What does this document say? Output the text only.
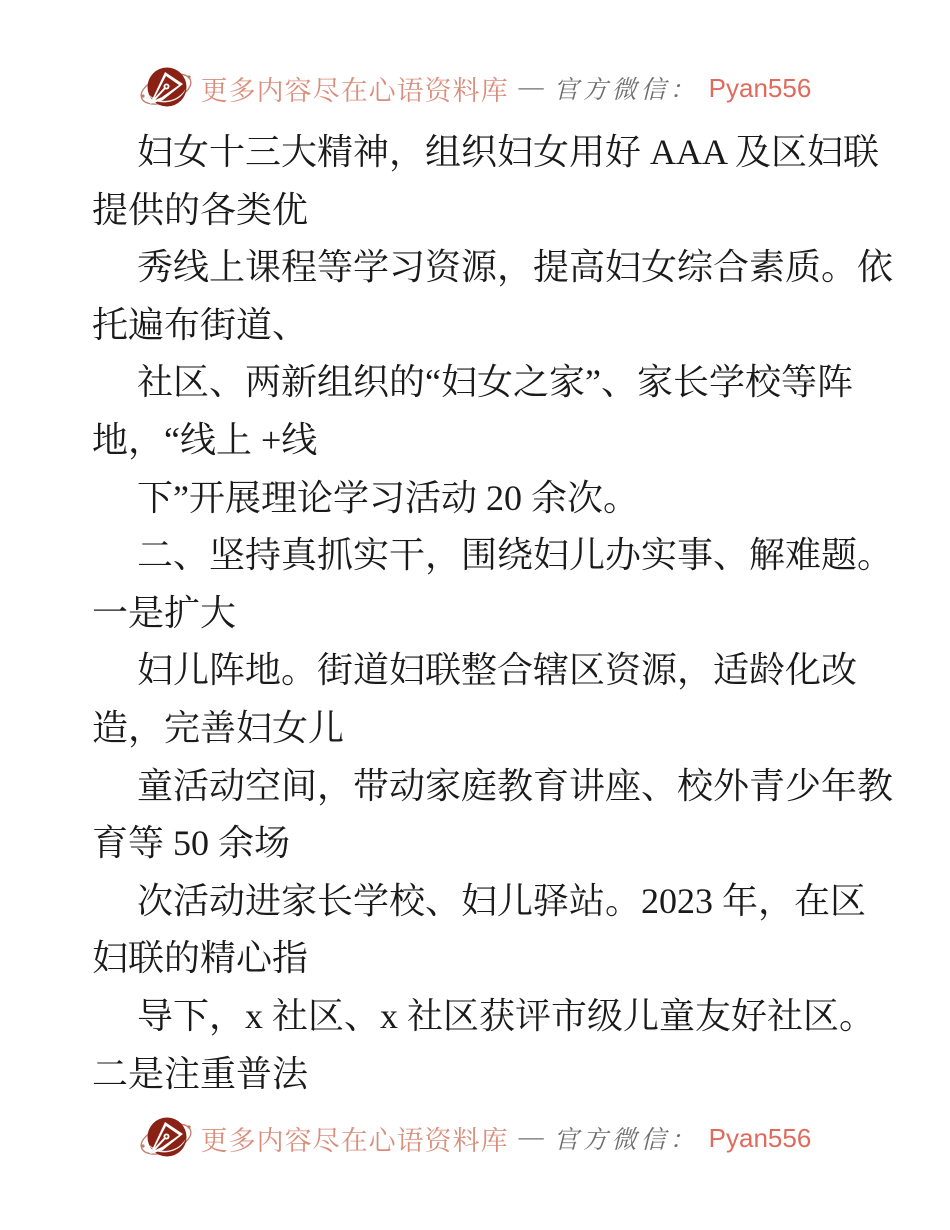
更多内容尽在心语资料库 — 官方微信： Pyan556
妇女十三大精神，组织妇女用好 AAA 及区妇联
提供的各类优
秀线上课程等学习资源，提高妇女综合素质。依
托遍布街道、
社区、两新组织的“妇女之家”、家长学校等阵
地，“线上 +线
下”开展理论学习活动 20 余次。
二、坚持真抓实干，围绕妇儿办实事、解难题。
一是扩大
妇儿阵地。街道妇联整合辖区资源，适龄化改
造，完善妇女儿
童活动空间，带动家庭教育讲座、校外青少年教
育等 50 余场
次活动进家长学校、妇儿驿站。2023 年，在区
妇联的精心指
导下，x 社区、x 社区获评市级儿童友好社区。
二是注重普法
更多内容尽在心语资料库 — 官方微信： Pyan556
